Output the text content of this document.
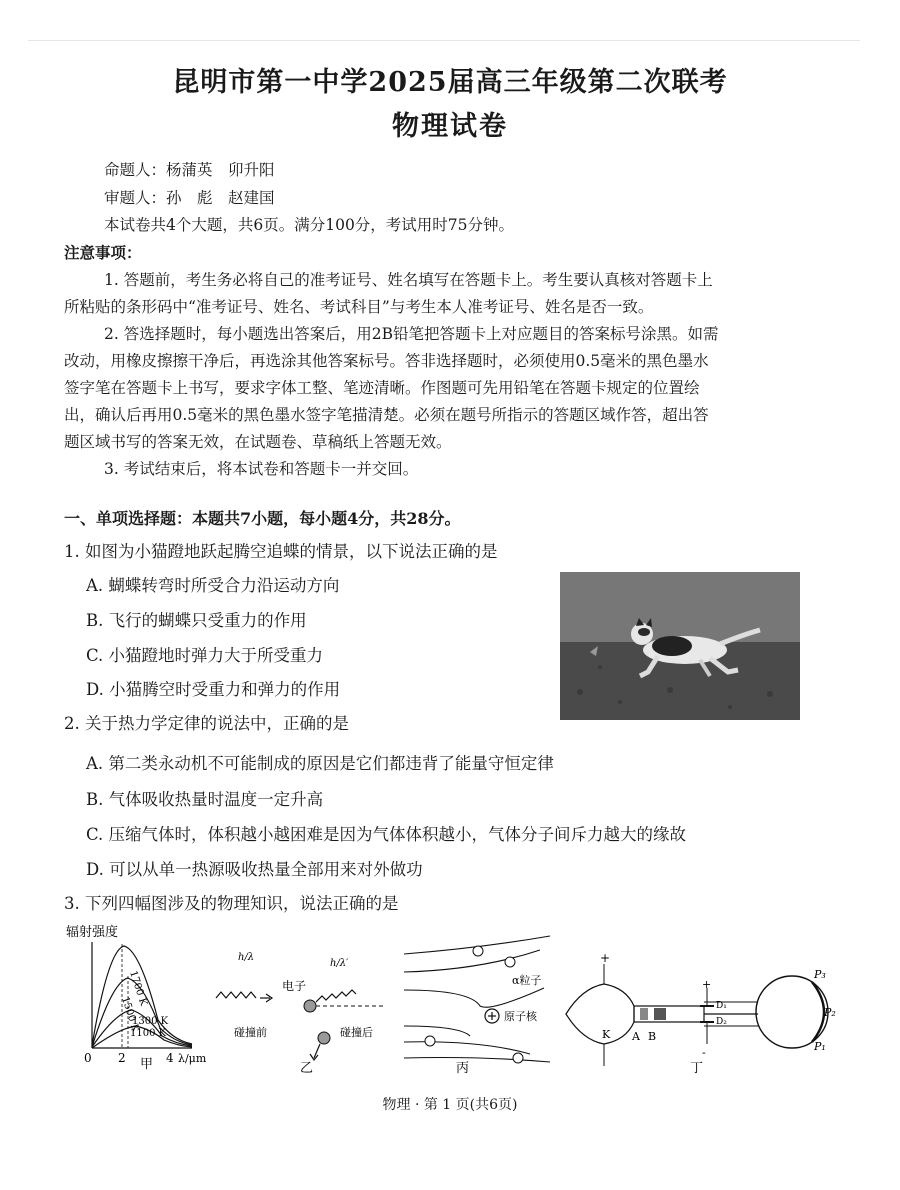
昆明市第一中学2025届高三年级第二次联考
物理试卷
命题人：杨蒲英　卯升阳
审题人：孙　彪　赵建国
本试卷共4个大题，共6页。满分100分，考试用时75分钟。
注意事项：
1. 答题前，考生务必将自己的准考证号、姓名填写在答题卡上。考生要认真核对答题卡上
所粘贴的条形码中“准考证号、姓名、考试科目”与考生本人准考证号、姓名是否一致。
2. 答选择题时，每小题选出答案后，用2B铅笔把答题卡上对应题目的答案标号涂黑。如需
改动，用橡皮擦擦干净后，再选涂其他答案标号。答非选择题时，必须使用0.5毫米的黑色墨水
签字笔在答题卡上书写，要求字体工整、笔迹清晰。作图题可先用铅笔在答题卡规定的位置绘
出，确认后再用0.5毫米的黑色墨水签字笔描清楚。必须在题号所指示的答题区域作答，超出答
题区域书写的答案无效，在试题卷、草稿纸上答题无效。
3. 考试结束后，将本试卷和答题卡一并交回。
一、单项选择题：本题共7小题，每小题4分，共28分。
1. 如图为小猫蹬地跃起腾空追蝶的情景，以下说法正确的是
A. 蝴蝶转弯时所受合力沿运动方向
B. 飞行的蝴蝶只受重力的作用
C. 小猫蹬地时弹力大于所受重力
D. 小猫腾空时受重力和弹力的作用
2. 关于热力学定律的说法中，正确的是
A. 第二类永动机不可能制成的原因是它们都违背了能量守恒定律
B. 气体吸收热量时温度一定升高
C. 压缩气体时，体积越小越困难是因为气体体积越小，气体分子间斥力越大的缘故
D. 可以从单一热源吸收热量全部用来对外做功
3. 下列四幅图涉及的物理知识，说法正确的是
辐射强度
1700 K
1500 K
1300 K
1100 K
0 2	4 λ/μm
甲
h/λ
电子
碰撞前
h/λ′
碰撞后
乙
α粒子
原子核
丙
+
K A B
+
-
D₁
D₂
P₁
P₂
P₃
丁
物理 · 第 1 页(共6页)
